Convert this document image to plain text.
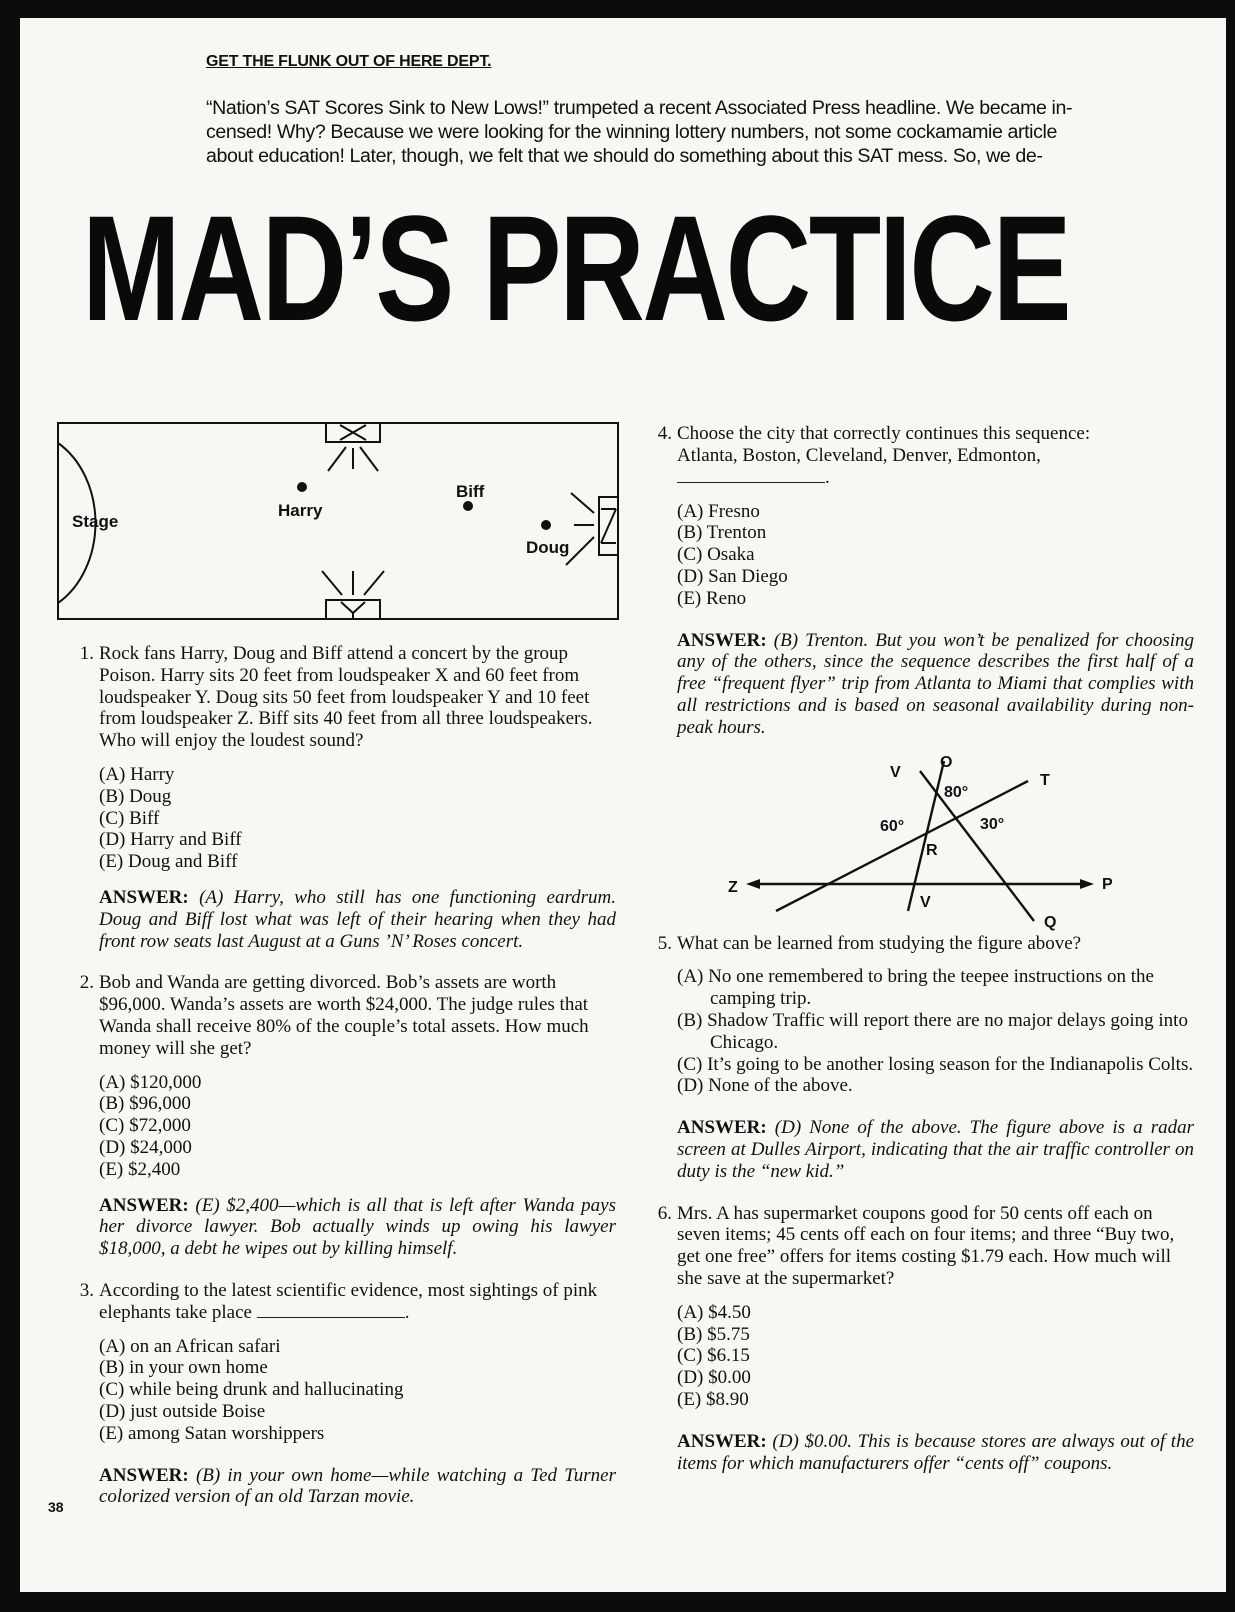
GET THE FLUNK OUT OF HERE DEPT.
“Nation’s SAT Scores Sink to New Lows!” trumpeted a recent Associated Press headline. We became in-
censed! Why? Because we were looking for the winning lottery numbers, not some cockamamie article
about education! Later, though, we felt that we should do something about this SAT mess. So, we de-
MAD’S PRACTICE
Stage
Harry
Biff
Doug
1. Rock fans Harry, Doug and Biff attend a concert by the group Poison. Harry sits 20 feet from loudspeaker X and 60 feet from loudspeaker Y. Doug sits 50 feet from loudspeaker Y and 10 feet from loudspeaker Z. Biff sits 40 feet from all three loudspeakers. Who will enjoy the loudest sound?
(A) Harry
(B) Doug
(C) Biff
(D) Harry and Biff
(E) Doug and Biff
ANSWER: (A) Harry, who still has one functioning eardrum. Doug and Biff lost what was left of their hearing when they had front row seats last August at a Guns ’N’ Roses concert.
2. Bob and Wanda are getting divorced. Bob’s assets are worth $96,000. Wanda’s assets are worth $24,000. The judge rules that Wanda shall receive 80% of the couple’s total assets. How much money will she get?
(A) $120,000
(B) $96,000
(C) $72,000
(D) $24,000
(E) $2,400
ANSWER: (E) $2,400—which is all that is left after Wanda pays her divorce lawyer. Bob actually winds up owing his lawyer $18,000, a debt he wipes out by killing himself.
3. According to the latest scientific evidence, most sightings of pink elephants take place	.
(A) on an African safari
(B) in your own home
(C) while being drunk and hallucinating
(D) just outside Boise
(E) among Satan worshippers
ANSWER: (B) in your own home—while watching a Ted Turner colorized version of an old Tarzan movie.
4. Choose the city that correctly continues this sequence:
Atlanta, Boston, Cleveland, Denver, Edmonton,
.
(A) Fresno
(B) Trenton
(C) Osaka
(D) San Diego
(E) Reno
ANSWER: (B) Trenton. But you won’t be penalized for choosing any of the others, since the sequence describes the first half of a free “frequent flyer” trip from Atlanta to Miami that complies with all restrictions and is based on seasonal availability during non-peak hours.
V
O
T
80°
60°	30°
R
Z	P
V
Q
5. What can be learned from studying the figure above?
(A) No one remembered to bring the teepee instructions on the camping trip.
(B) Shadow Traffic will report there are no major delays going into Chicago.
(C) It’s going to be another losing season for the Indianapolis Colts.
(D) None of the above.
ANSWER: (D) None of the above. The figure above is a radar screen at Dulles Airport, indicating that the air traffic controller on duty is the “new kid.”
6. Mrs. A has supermarket coupons good for 50 cents off each on seven items; 45 cents off each on four items; and three “Buy two, get one free” offers for items costing $1.79 each. How much will she save at the supermarket?
(A) $4.50
(B) $5.75
(C) $6.15
(D) $0.00
(E) $8.90
ANSWER: (D) $0.00. This is because stores are always out of the items for which manufacturers offer “cents off” coupons.
38
